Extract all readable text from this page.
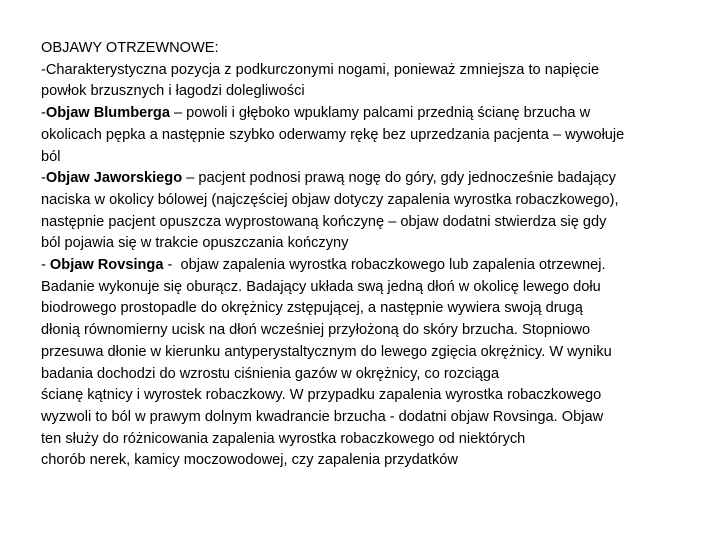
OBJAWY OTRZEWNOWE:
-Charakterystyczna pozycja z podkurczonymi nogami, ponieważ zmniejsza to napięcie
powłok brzusznych i łagodzi dolegliwości
-Objaw Blumberga – powoli i głęboko wpuklamy palcami przednią ścianę brzucha w
okolicach pępka a następnie szybko oderwamy rękę bez uprzedzania pacjenta – wywołuje
ból
-Objaw Jaworskiego – pacjent podnosi prawą nogę do góry, gdy jednocześnie badający
naciska w okolicy bólowej (najczęściej objaw dotyczy zapalenia wyrostka robaczkowego),
następnie pacjent opuszcza wyprostowaną kończynę – objaw dodatni stwierdza się gdy
ból pojawia się w trakcie opuszczania kończyny
- Objaw Rovsinga -  objaw zapalenia wyrostka robaczkowego lub zapalenia otrzewnej.
Badanie wykonuje się oburącz. Badający układa swą jedną dłoń w okolicę lewego dołu
biodrowego prostopadle do okrężnicy zstępującej, a następnie wywiera swoją drugą
dłonią równomierny ucisk na dłoń wcześniej przyłożoną do skóry brzucha. Stopniowo
przesuwa dłonie w kierunku antyperystaltycznym do lewego zgięcia okrężnicy. W wyniku
badania dochodzi do wzrostu ciśnienia gazów w okrężnicy, co rozciąga
ścianę kątnicy i wyrostek robaczkowy. W przypadku zapalenia wyrostka robaczkowego
wyzwoli to ból w prawym dolnym kwadrancie brzucha - dodatni objaw Rovsinga. Objaw
ten służy do różnicowania zapalenia wyrostka robaczkowego od niektórych
chorób nerek, kamicy moczowodowej, czy zapalenia przydatków
